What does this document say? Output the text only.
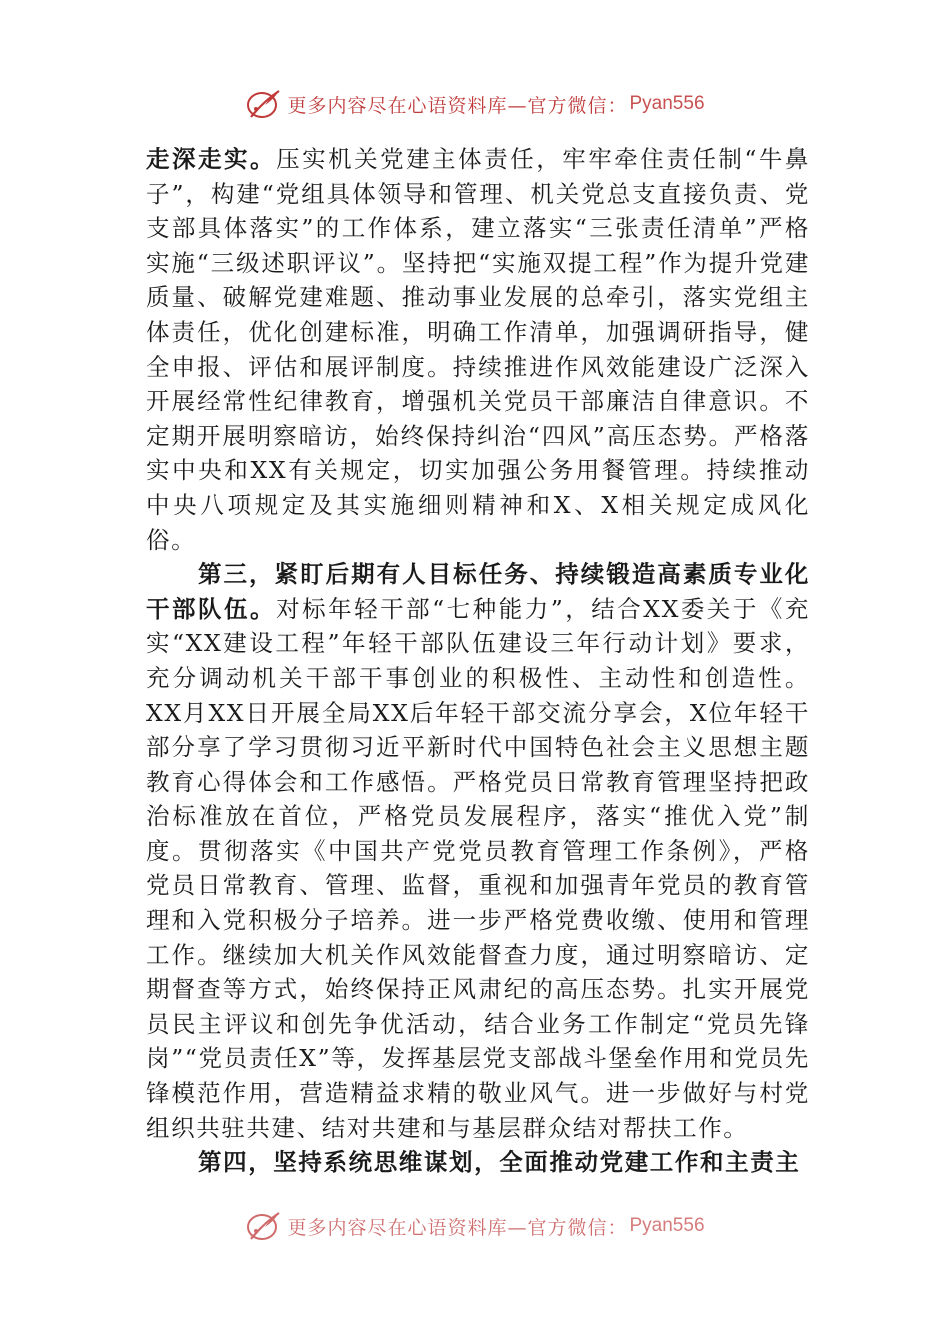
更多内容尽在心语资料库—官方微信： Pyan556

走深走实。压实机关党建主体责任，牢牢牵住责任制“牛鼻子”，构建“党组具体领导和管理、机关党总支直接负责、党支部具体落实”的工作体系，建立落实“三张责任清单”严格实施“三级述职评议”。坚持把“实施双提工程”作为提升党建质量、破解党建难题、推动事业发展的总牵引，落实党组主体责任，优化创建标准，明确工作清单，加强调研指导，健全申报、评估和展评制度。持续推进作风效能建设广泛深入开展经常性纪律教育，增强机关党员干部廉洁自律意识。不定期开展明察暗访，始终保持纠治“四风”高压态势。严格落实中央和XX有关规定，切实加强公务用餐管理。持续推动中央八项规定及其实施细则精神和X、X相关规定成风化俗。

第三，紧盯后期有人目标任务、持续锻造高素质专业化干部队伍。对标年轻干部“七种能力”，结合XX委关于《充实“XX建设工程”年轻干部队伍建设三年行动计划》要求，充分调动机关干部干事创业的积极性、主动性和创造性。XX月XX日开展全局XX后年轻干部交流分享会，X位年轻干部分享了学习贯彻习近平新时代中国特色社会主义思想主题教育心得体会和工作感悟。严格党员日常教育管理坚持把政治标准放在首位，严格党员发展程序，落实“推优入党”制度。贯彻落实《中国共产党党员教育管理工作条例》，严格党员日常教育、管理、监督，重视和加强青年党员的教育管理和入党积极分子培养。进一步严格党费收缴、使用和管理工作。继续加大机关作风效能督查力度，通过明察暗访、定期督查等方式，始终保持正风肃纪的高压态势。扎实开展党员民主评议和创先争优活动，结合业务工作制定“党员先锋岗”“党员责任X”等，发挥基层党支部战斗堡垒作用和党员先锋模范作用，营造精益求精的敬业风气。进一步做好与村党组织共驻共建、结对共建和与基层群众结对帮扶工作。

第四，坚持系统思维谋划，全面推动党建工作和主责主

更多内容尽在心语资料库—官方微信： Pyan556
